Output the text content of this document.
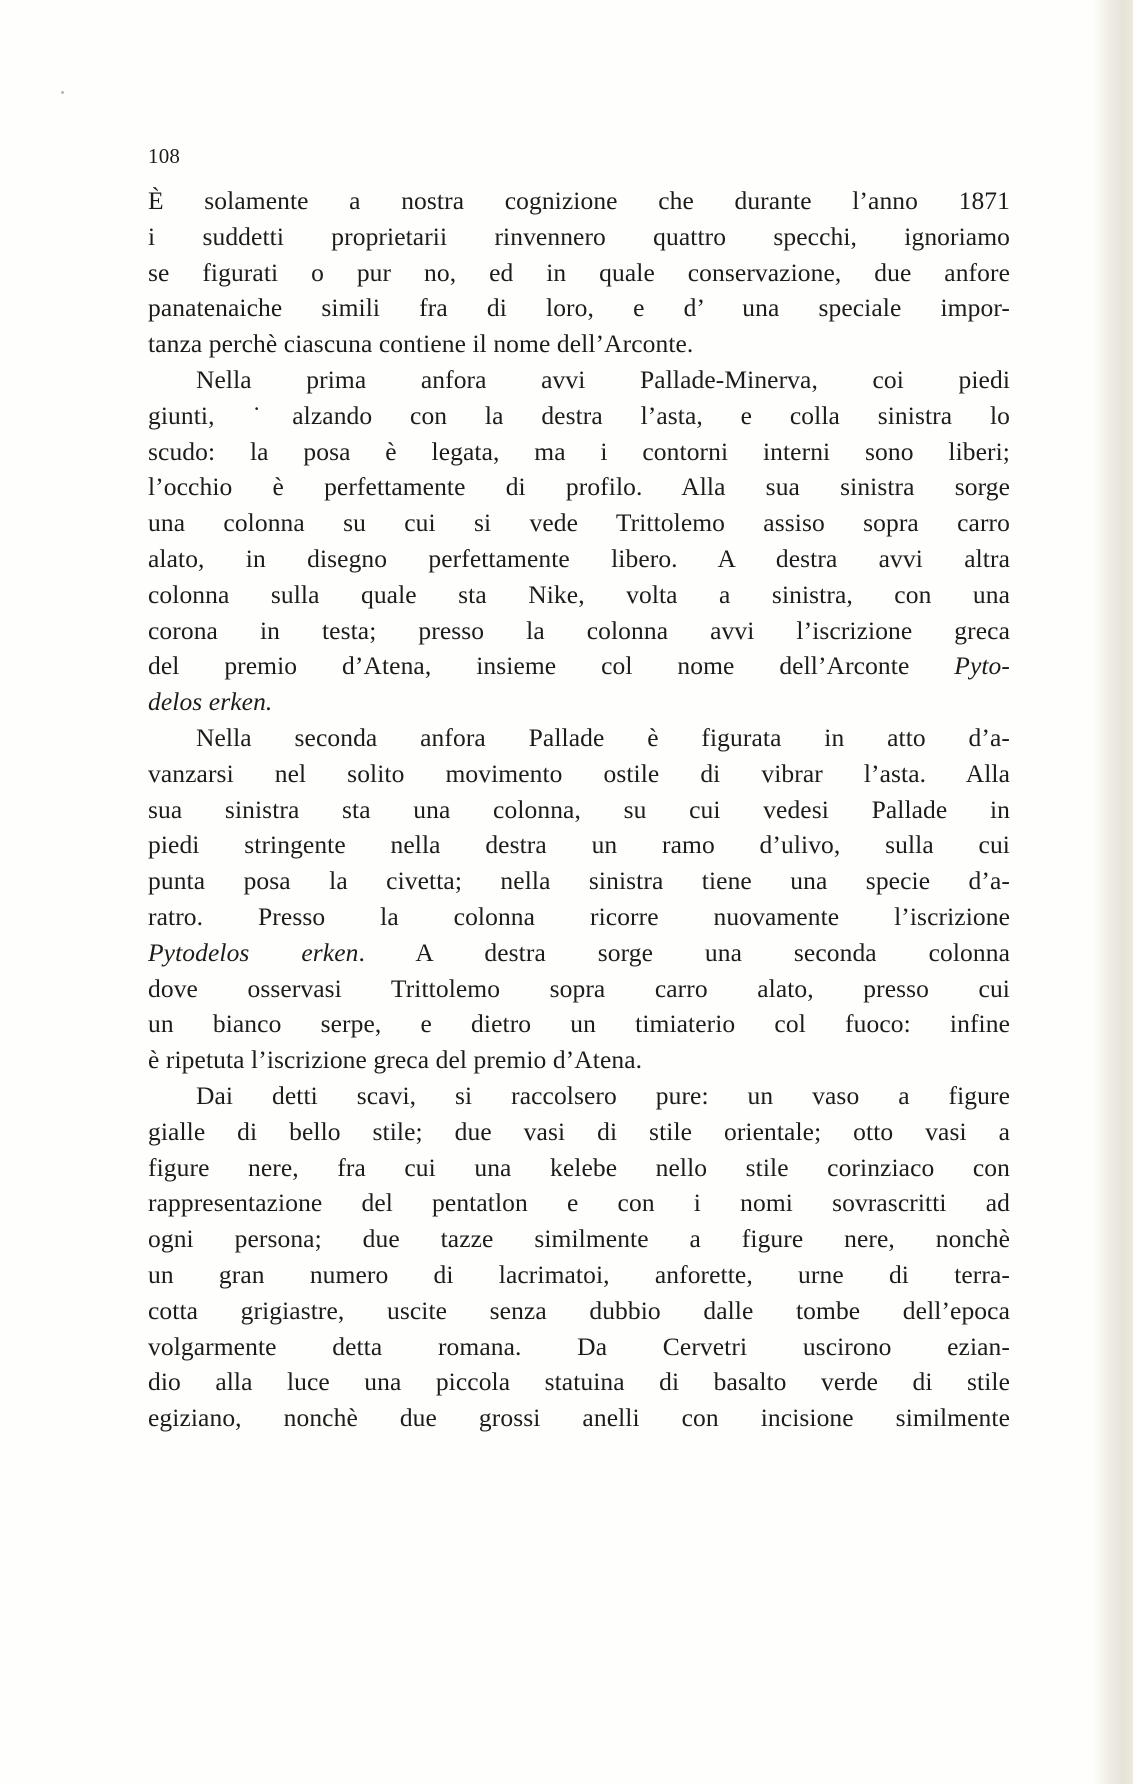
108
È solamente a nostra cognizione che durante l’anno 1871
i suddetti proprietarii rinvennero quattro specchi, ignoriamo
se figurati o pur no, ed in quale conservazione, due anfore
panatenaiche simili fra di loro, e d’ una speciale impor-
tanza perchè ciascuna contiene il nome dell’Arconte.
Nella prima anfora avvi Pallade-Minerva, coi piedi
giunti, ˙alzando con la destra l’asta, e colla sinistra lo
scudo: la posa è legata, ma i contorni interni sono liberi;
l’occhio è perfettamente di profilo. Alla sua sinistra sorge
una colonna su cui si vede Trittolemo assiso sopra carro
alato, in disegno perfettamente libero. A destra avvi altra
colonna sulla quale sta Nike, volta a sinistra, con una
corona in testa; presso la colonna avvi l’iscrizione greca
del premio d’Atena, insieme col nome dell’Arconte Pyto-
delos erken.
Nella seconda anfora Pallade è figurata in atto d’a-
vanzarsi nel solito movimento ostile di vibrar l’asta. Alla
sua sinistra sta una colonna, su cui vedesi Pallade in
piedi stringente nella destra un ramo d’ulivo, sulla cui
punta posa la civetta; nella sinistra tiene una specie d’a-
ratro. Presso la colonna ricorre nuovamente l’iscrizione
Pytodelos erken. A destra sorge una seconda colonna
dove osservasi Trittolemo sopra carro alato, presso cui
un bianco serpe, e dietro un timiaterio col fuoco: infine
è ripetuta l’iscrizione greca del premio d’Atena.
Dai detti scavi, si raccolsero pure: un vaso a figure
gialle di bello stile; due vasi di stile orientale; otto vasi a
figure nere, fra cui una kelebe nello stile corinziaco con
rappresentazione del pentatlon e con i nomi sovrascritti ad
ogni persona; due tazze similmente a figure nere, nonchè
un gran numero di lacrimatoi, anforette, urne di terra-
cotta grigiastre, uscite senza dubbio dalle tombe dell’epoca
volgarmente detta romana. Da Cervetri uscirono ezian-
dio alla luce una piccola statuina di basalto verde di stile
egiziano, nonchè due grossi anelli con incisione similmente
